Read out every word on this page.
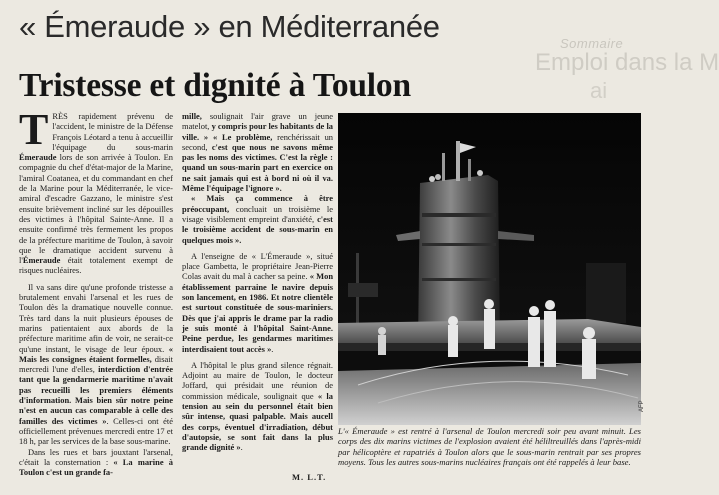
Sommaire
Emploi dans la M
ai
« Émeraude » en Méditerranée
Tristesse et dignité à Toulon

TRÈS rapidement prévenu de l'accident, le ministre de la Défense François Léotard a tenu à accueillir l'équipage du sous-marin Émeraude lors de son arrivée à Toulon. En compagnie du chef d'état-major de la Marine, l'amiral Coatanea, et du commandant en chef de la Marine pour la Méditerranée, le vice-amiral d'escadre Gazzano, le ministre s'est ensuite brièvement incliné sur les dépouilles des victimes à l'hôpital Sainte-Anne. Il a ensuite confirmé très fermement les propos de la préfecture maritime de Toulon, à savoir que le dramatique accident survenu à l'Émeraude était totalement exempt de risques nucléaires.

Il va sans dire qu'une profonde tristesse a brutalement envahi l'arsenal et les rues de Toulon dès la dramatique nouvelle connue. Très tard dans la nuit plusieurs épouses de marins patientaient aux abords de la préfecture maritime afin de voir, ne serait-ce qu'une instant, le visage de leur époux. « Mais les consignes étaient formelles, disait mercredi l'une d'elles, interdiction d'entrée tant que la gendarmerie maritime n'avait pas recueilli les premiers éléments d'information. Mais bien sûr notre peine n'est en aucun cas comparable à celle des familles des victimes ». Celles-ci ont été officiellement prévenues mercredi entre 17 et 18 h, par les services de la base sous-marine.

Dans les rues et bars jouxtant l'arsenal, c'était la consternation : « La marine à Toulon c'est un grande fa-

mille, soulignait l'air grave un jeune matelot, y compris pour les habitants de la ville. » « Le problème, renchérissait un second, c'est que nous ne savons même pas les noms des victimes. C'est la règle : quand un sous-marin part en exercice on ne sait jamais qui est à bord ni où il va. Même l'équipage l'ignore ».

« Mais ça commence à être préoccupant, concluait un troisième le visage visiblement empreint d'anxiété, c'est le troisième accident de sous-marin en quelques mois ».

A l'enseigne de « L'Émeraude », situé place Gambetta, le propriétaire Jean-Pierre Colas avait du mal à cacher sa peine. « Mon établissement parraine le navire depuis son lancement, en 1986. Et notre clientèle est surtout constituée de sous-mariniers. Dès que j'ai appris le drame par la radio je suis monté à l'hôpital Saint-Anne. Peine perdue, les gendarmes maritimes interdisaient tout accès ».

A l'hôpital le plus grand silence régnait. Adjoint au maire de Toulon, le docteur Joffard, qui présidait une réunion de commission médicale, soulignait que « la tension au sein du personnel était bien sûr intense, quasi palpable. Mais aucell des corps, éventuel d'irradiation, début d'autopsie, se sont fait dans la plus grande dignité ».

M. L.T.
AFP
L'« Émeraude » est rentré à l'arsenal de Toulon mercredi soir peu avant minuit. Les corps des dix marins victimes de l'explosion avaient été héliltreuillés dans l'après-midi par hélicoptère et rapatriés à Toulon alors que le sous-marin rentrait par ses propres moyens. Tous les autres sous-marins nucléaires français ont été rappelés à leur base.
